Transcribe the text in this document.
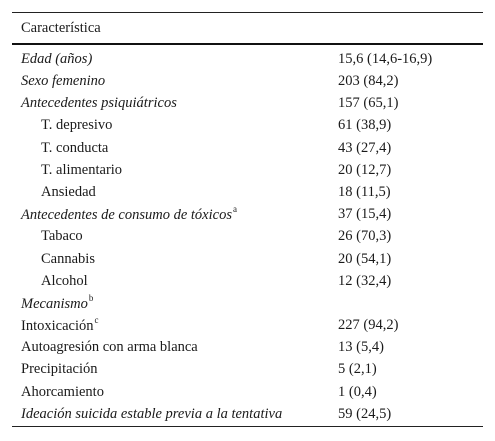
Característica
Edad (años)	15,6 (14,6-16,9)
Sexo femenino	203 (84,2)
Antecedentes psiquiátricos	157 (65,1)
T. depresivo	61 (38,9)
T. conducta	43 (27,4)
T. alimentario	20 (12,7)
Ansiedad	18 (11,5)
Antecedentes de consumo de tóxicos$^a$	37 (15,4)
Tabaco	26 (70,3)
Cannabis	20 (54,1)
Alcohol	12 (32,4)
Mecanismo$^b$
Intoxicación$^c$	227 (94,2)
Autoagresión con arma blanca	13 (5,4)
Precipitación	5 (2,1)
Ahorcamiento	1 (0,4)
Ideación suicida estable previa a la tentativa	59 (24,5)
